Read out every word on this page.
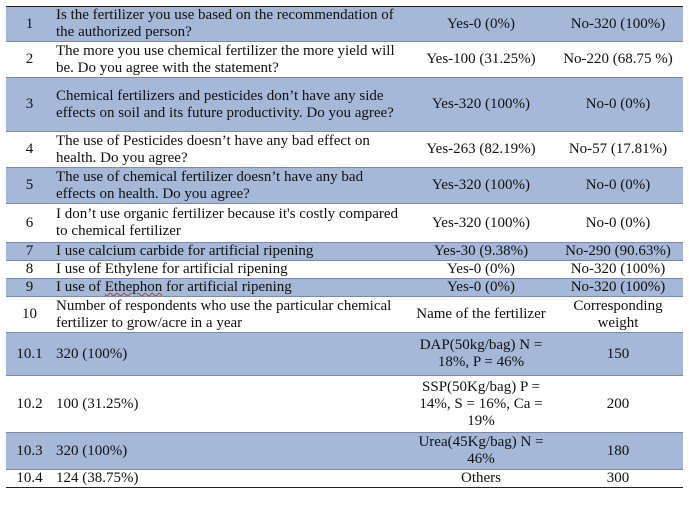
1	Is the fertilizer you use based on the recommendation of the authorized person?	Yes-0 (0%)	No-320 (100%)
2	The more you use chemical fertilizer the more yield will be. Do you agree with the statement?	Yes-100 (31.25%)	No-220 (68.75 %)
3	Chemical fertilizers and pesticides don’t have any side effects on soil and its future productivity. Do you agree?	Yes-320 (100%)	No-0 (0%)
4	The use of Pesticides doesn’t have any bad effect on health. Do you agree?	Yes-263 (82.19%)	No-57 (17.81%)
5	The use of chemical fertilizer doesn’t have any bad effects on health. Do you agree?	Yes-320 (100%)	No-0 (0%)
6	I don’t use organic fertilizer because it's costly compared to chemical fertilizer	Yes-320 (100%)	No-0 (0%)
7	I use calcium carbide for artificial ripening	Yes-30 (9.38%)	No-290 (90.63%)
8	I use of Ethylene for artificial ripening	Yes-0 (0%)	No-320 (100%)
9	I use of Ethephon for artificial ripening	Yes-0 (0%)	No-320 (100%)
10	Number of respondents who use the particular chemical fertilizer to grow/acre in a year	Name of the fertilizer	Corresponding weight
10.1	320 (100%)	DAP(50kg/bag) N = 18%, P = 46%	150
10.2	100 (31.25%)	SSP(50Kg/bag) P = 14%, S = 16%, Ca = 19%	200
10.3	320 (100%)	Urea(45Kg/bag) N = 46%	180
10.4	124 (38.75%)	Others	300
